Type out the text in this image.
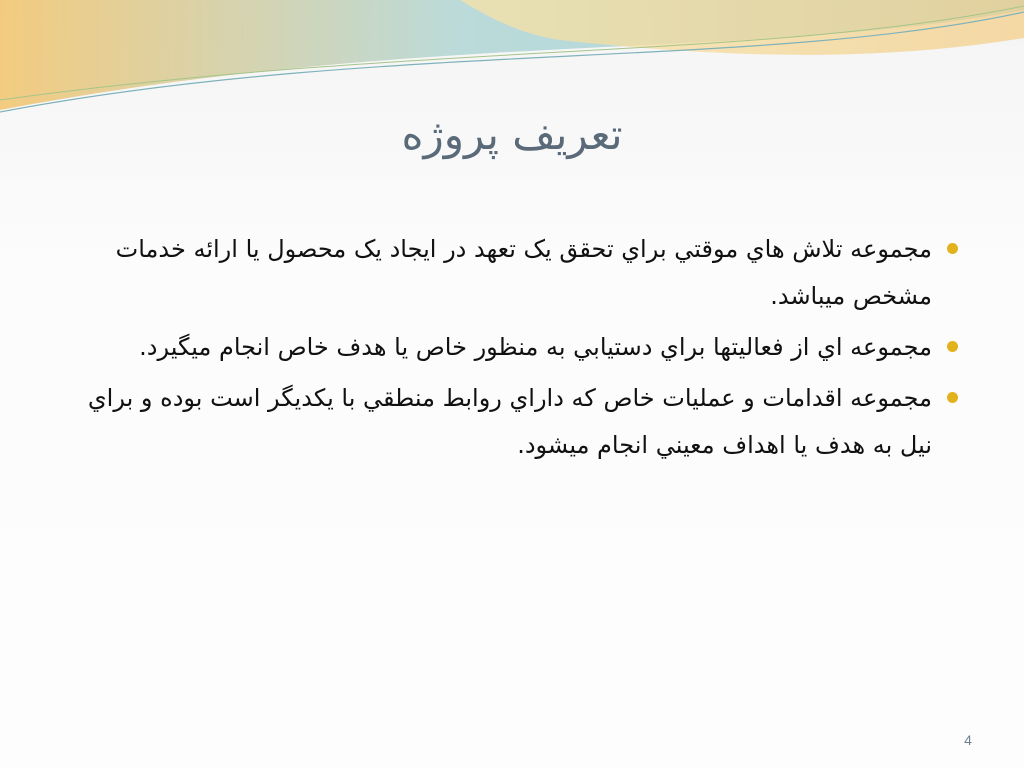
تعريف پروژه
مجموعه تلاش هاي موقتي براي تحقق يک تعهد در ايجاد يک محصول يا ارائه خدمات مشخص ميباشد.
مجموعه اي از فعاليتها براي دستيابي به منظور خاص يا هدف خاص انجام ميگيرد.
مجموعه اقدامات و عمليات خاص که داراي روابط منطقي با يکديگر است بوده و براي نيل به هدف يا اهداف معيني انجام ميشود.
4
